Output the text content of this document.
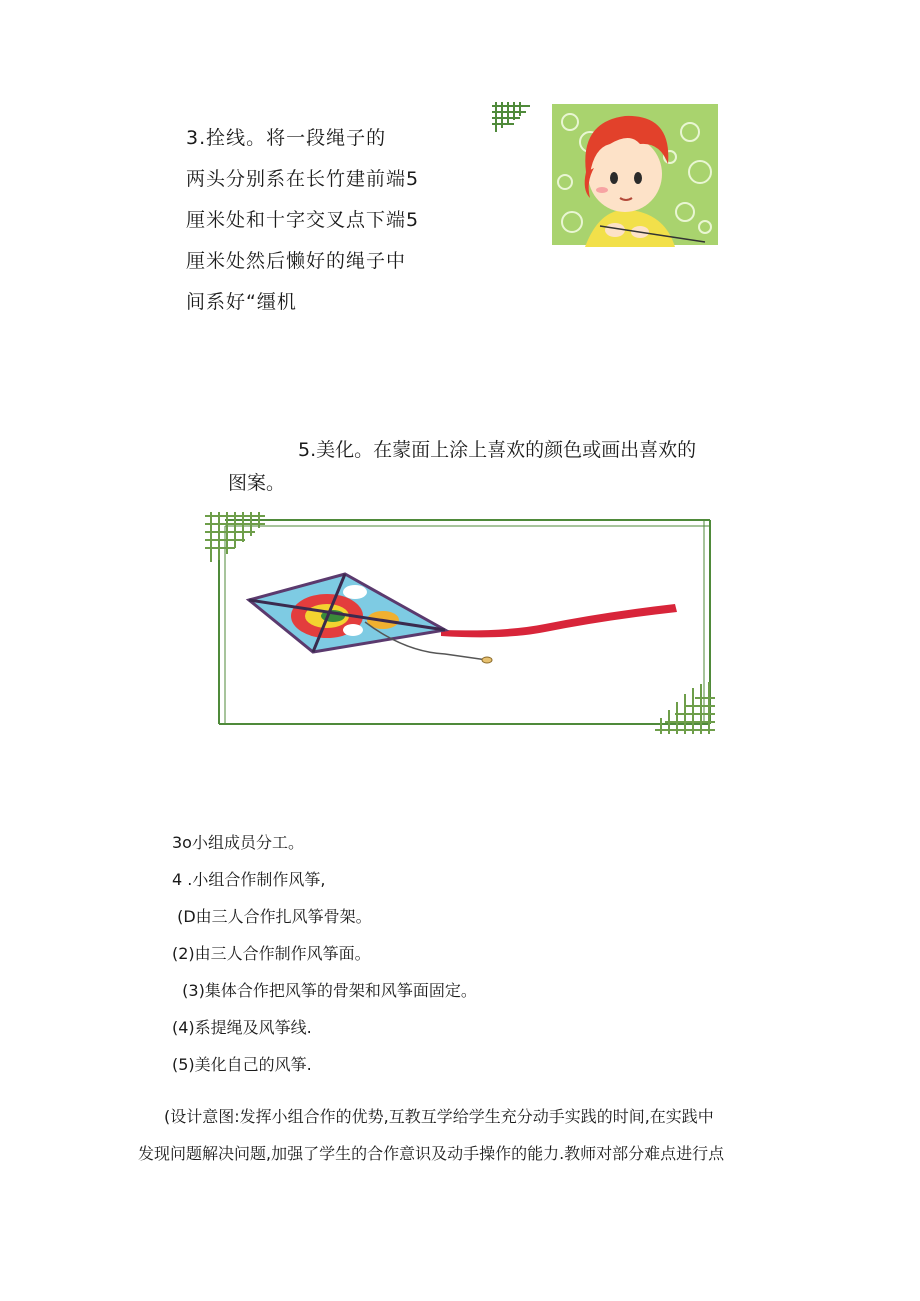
3.拴线。将一段绳子的
两头分别系在长竹建前端5
厘米处和十字交叉点下端5
厘米处然后懒好的绳子中
间系好“缰机
5.美化。在蒙面上涂上喜欢的颜色或画出喜欢的
图案。
3o小组成员分工。
4 .小组合作制作风筝,
(D由三人合作扎风筝骨架。
(2)由三人合作制作风筝面。
(3)集体合作把风筝的骨架和风筝面固定。
(4)系提绳及风筝线.
(5)美化自己的风筝.
(设计意图:发挥小组合作的优势,互教互学给学生充分动手实践的时间,在实践中
发现问题解决问题,加强了学生的合作意识及动手操作的能力.教师对部分难点进行点
